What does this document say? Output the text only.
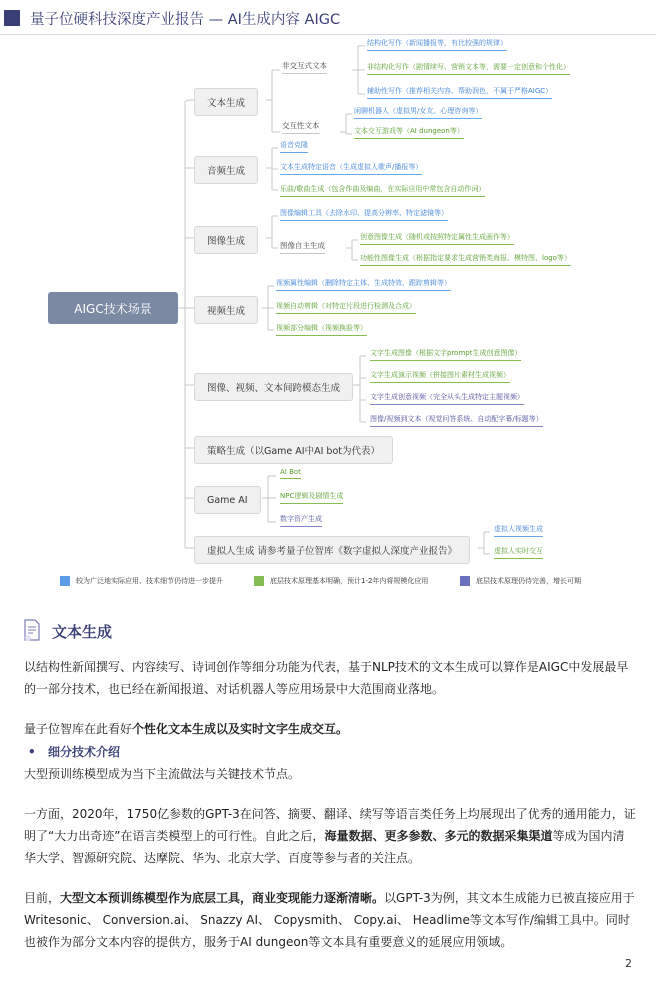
量子位硬科技深度产业报告 — AI生成内容 AIGC
AIGC技术场景
文本生成
音频生成
图像生成
视频生成
图像、视频、文本间跨模态生成
策略生成（以Game AI中AI bot为代表）
Game AI
虚拟人生成 请参考量子位智库《数字虚拟人深度产业报告》
非交互式文本
结构化写作（新闻播报等，有比较强的规律）
非结构化写作（剧情续写、营销文本等，需要一定创意和个性化）
辅助性写作（推荐相关内容、帮助润色，不属于严格AIGC）
交互性文本
闲聊机器人（虚拟男/女友、心理咨询等）
文本交互游戏等（AI dungeon等）
语音克隆
文本生成特定语音（生成虚拟人歌声/播报等）
乐曲/歌曲生成（包含作曲及编曲，在实际应用中常包含自动作词）
图像编辑工具（去除水印、提高分辨率、特定滤镜等）
图像自主生成
创意图像生成（随机或按照特定属性生成画作等）
功能性图像生成（根据指定要求生成营销类海报、模特图、logo等）
视频属性编辑（删除特定主体、生成特效、跟踪剪辑等）
视频自动剪辑（对特定片段进行检测及合成）
视频部分编辑（视频换脸等）
文字生成图像（根据文字prompt生成创意图像）
文字生成演示视频（拼接图片素材生成视频）
文字生成创意视频（完全从头生成特定主题视频）
图像/视频到文本（视觉问答系统、自动配字幕/标题等）
AI Bot
NPC逻辑及剧情生成
数字资产生成
虚拟人视频生成
虚拟人实时交互
较为广泛地实际应用、技术细节仍待进一步提升	底层技术原理基本明确，预计1-2年内将规模化应用	底层技术原理仍待完善，增长可期
文本生成
以结构性新闻撰写、内容续写、诗词创作等细分功能为代表，基于NLP技术的文本生成可以算作是AIGC中发展最早的一部分技术，也已经在新闻报道、对话机器人等应用场景中大范围商业落地。
量子位智库在此看好个性化文本生成以及实时文字生成交互。
• 细分技术介绍
大型预训练模型成为当下主流做法与关键技术节点。
一方面，2020年，1750亿参数的GPT-3在问答、摘要、翻译、续写等语言类任务上均展现出了优秀的通用能力，证明了“大力出奇迹”在语言类模型上的可行性。自此之后，海量数据、更多参数、多元的数据采集渠道等成为国内清华大学、智源研究院、达摩院、华为、北京大学、百度等参与者的关注点。
目前，大型文本预训练模型作为底层工具，商业变现能力逐渐清晰。以GPT-3为例，其文本生成能力已被直接应用于Writesonic、 Conversion.ai、 Snazzy AI、 Copysmith、 Copy.ai、 Headlime等文本写作/编辑工具中。同时也被作为部分文本内容的提供方，服务于AI dungeon等文本具有重要意义的延展应用领域。
2
